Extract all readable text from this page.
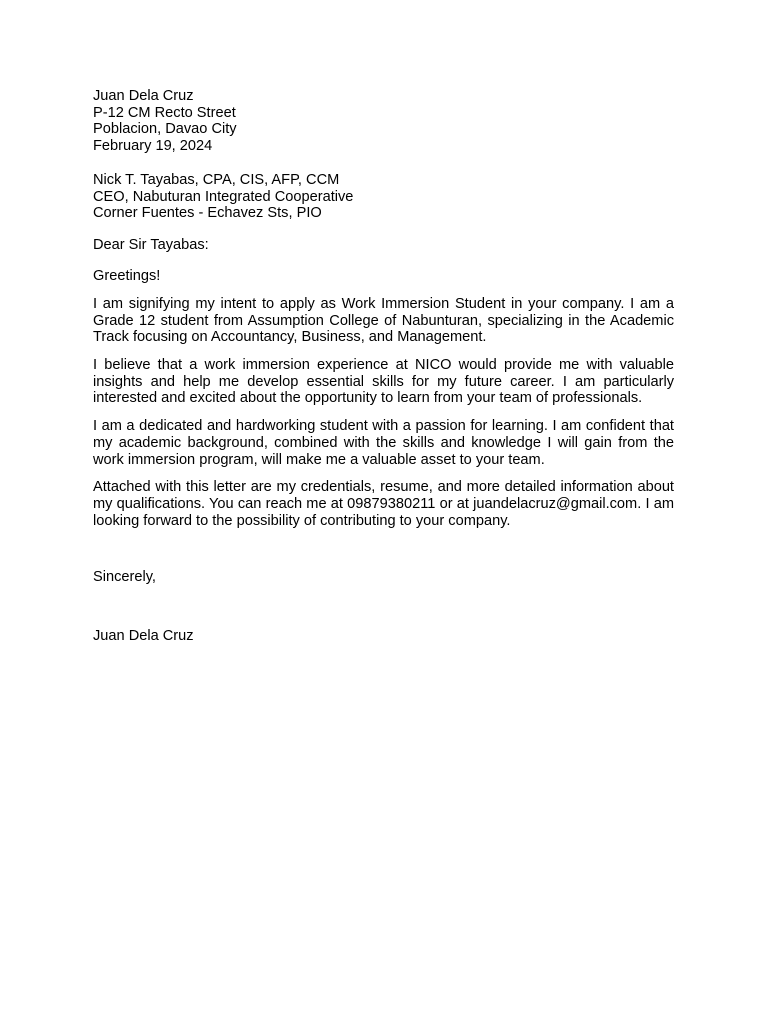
Juan Dela Cruz
P-12 CM Recto Street
Poblacion, Davao City
February 19, 2024
Nick T. Tayabas, CPA, CIS, AFP, CCM
CEO, Nabuturan Integrated Cooperative
Corner Fuentes - Echavez Sts, PIO

Dear Sir Tayabas:

Greetings!

I am signifying my intent to apply as Work Immersion Student in your company. I am a Grade 12 student from Assumption College of Nabunturan, specializing in the Academic Track focusing on Accountancy, Business, and Management.

I believe that a work immersion experience at NICO would provide me with valuable insights and help me develop essential skills for my future career. I am particularly interested and excited about the opportunity to learn from your team of professionals.

I am a dedicated and hardworking student with a passion for learning. I am confident that my academic background, combined with the skills and knowledge I will gain from the work immersion program, will make me a valuable asset to your team.

Attached with this letter are my credentials, resume, and more detailed information about my qualifications. You can reach me at 09879380211 or at juandelacruz@gmail.com. I am looking forward to the possibility of contributing to your company.

Sincerely,

Juan Dela Cruz
